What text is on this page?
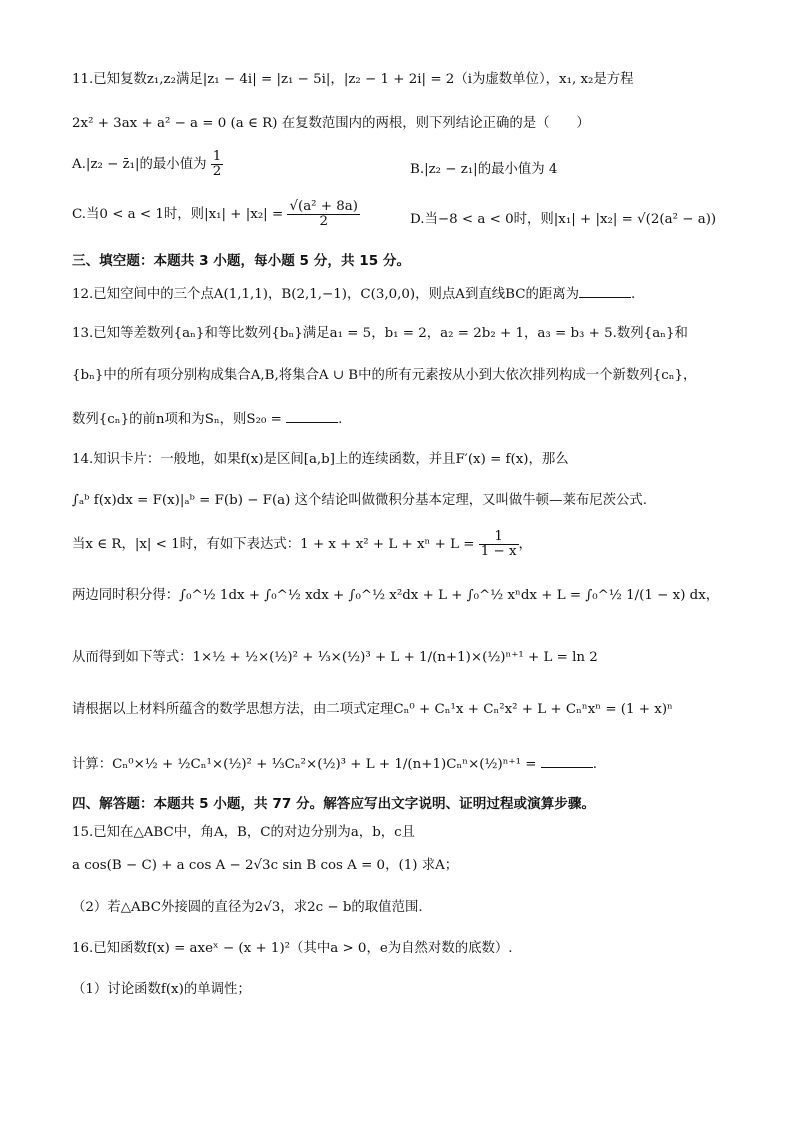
11.已知复数z₁,z₂满足|z₁ − 4i| = |z₁ − 5i|，|z₂ − 1 + 2i| = 2（i为虚数单位），x₁, x₂是方程
2x² + 3ax + a² − a = 0 (a ∈ R) 在复数范围内的两根，则下列结论正确的是（　　）
A.|z₂ − z̄₁|的最小值为 $\frac{1}{2}$	B.|z₂ − z₁|的最小值为 4
C.当0 < a < 1时，则$|x_1| + |x_2| = \frac{\text{√(a² + 8a)}}{2}$	D.当−8 < a < 0时，则|x₁| + |x₂| = √(2(a² − a))
三、填空题：本题共 3 小题，每小题 5 分，共 15 分。
12.已知空间中的三个点A(1,1,1)，B(2,1,−1)，C(3,0,0)，则点A到直线BC的距离为	.
13.已知等差数列{aₙ}和等比数列{bₙ}满足a₁ = 5，b₁ = 2，a₂ = 2b₂ + 1，a₃ = b₃ + 5.数列{aₙ}和
{bₙ}中的所有项分别构成集合A,B,将集合A ∪ B中的所有元素按从小到大依次排列构成一个新数列{cₙ}，
数列{cₙ}的前n项和为Sₙ，则S₂₀ =	.
14.知识卡片：一般地，如果f(x)是区间[a,b]上的连续函数，并且F′(x) = f(x)，那么
∫ₐᵇ f(x)dx = F(x)|ₐᵇ = F(b) − F(a) 这个结论叫做微积分基本定理，又叫做牛顿—莱布尼茨公式.
当x ∈ R，|x| < 1时，有如下表达式：$1 + x + x^2 + L + x^n + L = \frac{1}{1 - x}$ ，
两边同时积分得：∫₀^½ 1dx + ∫₀^½ xdx + ∫₀^½ x²dx + L + ∫₀^½ xⁿdx + L = ∫₀^½ 1/(1 − x) dx，
从而得到如下等式：1×½ + ½×(½)² + ⅓×(½)³ + L + 1/(n+1)×(½)ⁿ⁺¹ + L = ln 2
请根据以上材料所蕴含的数学思想方法，由二项式定理Cₙ⁰ + Cₙ¹x + Cₙ²x² + L + Cₙⁿxⁿ = (1 + x)ⁿ
计算：Cₙ⁰×½ + ½Cₙ¹×(½)² + ⅓Cₙ²×(½)³ + L + 1/(n+1)Cₙⁿ×(½)ⁿ⁺¹ =	.
四、解答题：本题共 5 小题，共 77 分。解答应写出文字说明、证明过程或演算步骤。
15.已知在△ABC中，角A，B，C的对边分别为a，b，c且
a cos(B − C) + a cos A − 2√3c sin B cos A = 0，(1) 求A；
（2）若△ABC外接圆的直径为2√3，求2c − b的取值范围.
16.已知函数f(x) = axeˣ − (x + 1)²（其中a > 0，e为自然对数的底数）.
（1）讨论函数f(x)的单调性；
